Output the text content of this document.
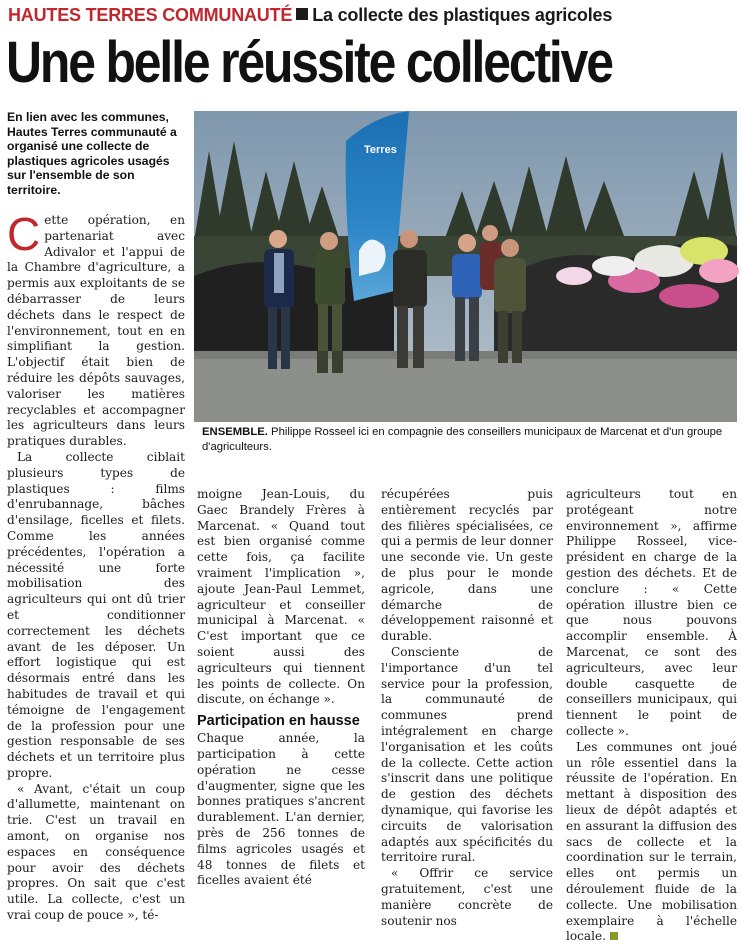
HAUTES TERRES COMMUNAUTÉ La collecte des plastiques agricoles
Une belle réussite collective
En lien avec les communes, Hautes Terres communauté a organisé une collecte de plastiques agricoles usagés sur l'ensemble de son territoire.
Terres
ENSEMBLE. Philippe Rosseel ici en compagnie des conseillers municipaux de Marcenat et d'un groupe d'agriculteurs.

Cette opération, en partenariat avec Adivalor et l'appui de la Chambre d'agriculture, a permis aux exploitants de se débarrasser de leurs déchets dans le respect de l'environnement, tout en en simplifiant la gestion. L'objectif était bien de réduire les dépôts sauvages, valoriser les matières recyclables et accompagner les agriculteurs dans leurs pratiques durables.

La collecte ciblait plusieurs types de plastiques : films d'enrubannage, bâches d'ensilage, ficelles et filets. Comme les années précédentes, l'opération a nécessité une forte mobilisation des agriculteurs qui ont dû trier et conditionner correctement les déchets avant de les déposer. Un effort logistique qui est désormais entré dans les habitudes de travail et qui témoigne de l'engagement de la profession pour une gestion responsable de ses déchets et un territoire plus propre.

« Avant, c'était un coup d'allumette, maintenant on trie. C'est un travail en amont, on organise nos espaces en conséquence pour avoir des déchets propres. On sait que c'est utile. La collecte, c'est un vrai coup de pouce », té-

moigne Jean-Louis, du Gaec Brandely Frères à Marcenat. « Quand tout est bien organisé comme cette fois, ça facilite vraiment l'implication », ajoute Jean-Paul Lemmet, agriculteur et conseiller municipal à Marcenat. « C'est important que ce soient aussi des agriculteurs qui tiennent les points de collecte. On discute, on échange ».

Participation en hausse

Chaque année, la participation à cette opération ne cesse d'augmenter, signe que les bonnes pratiques s'ancrent durablement. L'an dernier, près de 256 tonnes de films agricoles usagés et 48 tonnes de filets et ficelles avaient été

récupérées puis entièrement recyclés par des filières spécialisées, ce qui a permis de leur donner une seconde vie. Un geste de plus pour le monde agricole, dans une démarche de développement raisonné et durable.

Consciente de l'importance d'un tel service pour la profession, la communauté de communes prend intégralement en charge l'organisation et les coûts de la collecte. Cette action s'inscrit dans une politique de gestion des déchets dynamique, qui favorise les circuits de valorisation adaptés aux spécificités du territoire rural.

« Offrir ce service gratuitement, c'est une manière concrète de soutenir nos

agriculteurs tout en protégeant notre environnement », affirme Philippe Rosseel, vice-président en charge de la gestion des déchets. Et de conclure : « Cette opération illustre bien ce que nous pouvons accomplir ensemble. À Marcenat, ce sont des agriculteurs, avec leur double casquette de conseillers municipaux, qui tiennent le point de collecte ».

Les communes ont joué un rôle essentiel dans la réussite de l'opération. En mettant à disposition des lieux de dépôt adaptés et en assurant la diffusion des sacs de collecte et la coordination sur le terrain, elles ont permis un déroulement fluide de la collecte. Une mobilisation exemplaire à l'échelle locale.
